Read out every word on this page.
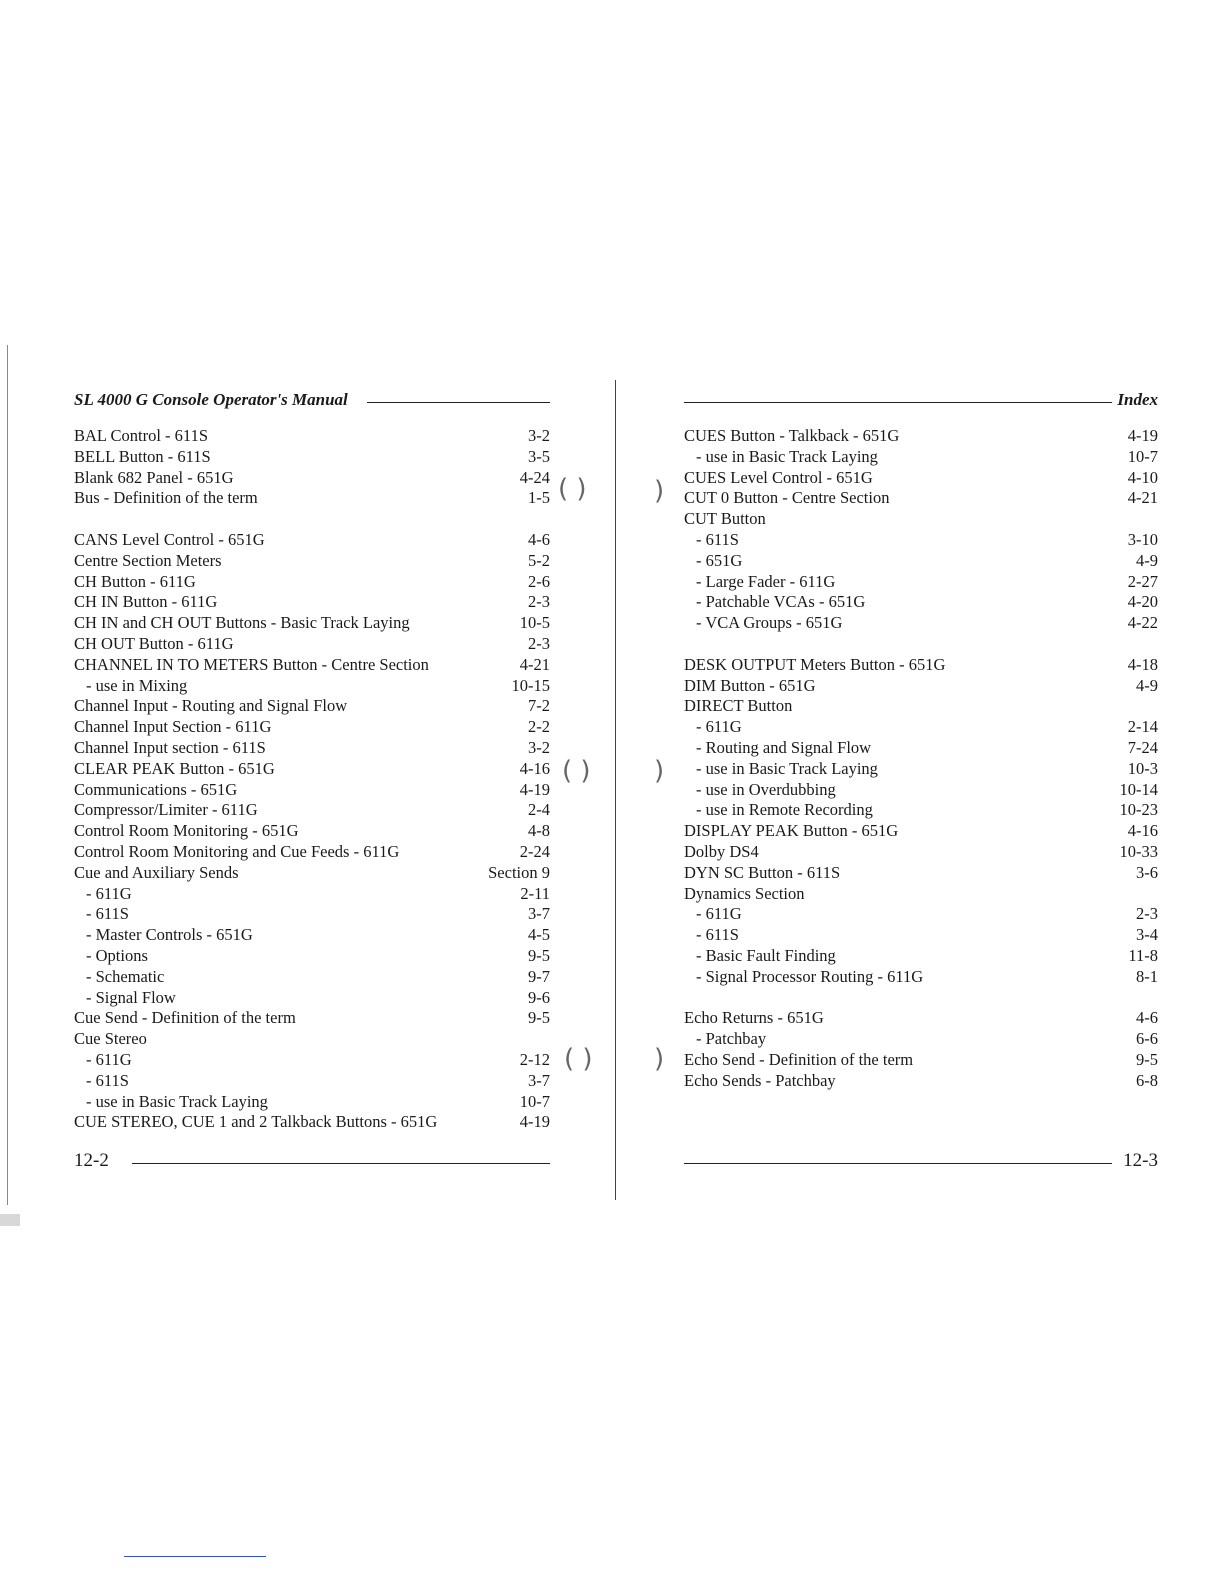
( )	)
( ) )
( ) )
SL 4000 G Console Operator's Manual
BAL Control - 611S	3-2
BELL Button - 611S	3-5
Blank 682 Panel - 651G	4-24
Bus - Definition of the term	1-5
CANS Level Control - 651G	4-6
Centre Section Meters	5-2
CH Button - 611G	2-6
CH IN Button - 611G	2-3
CH IN and CH OUT Buttons - Basic Track Laying	10-5
CH OUT Button - 611G	2-3
CHANNEL IN TO METERS Button - Centre Section	4-21
- use in Mixing	10-15
Channel Input - Routing and Signal Flow	7-2
Channel Input Section - 611G	2-2
Channel Input section - 611S	3-2
CLEAR PEAK Button - 651G	4-16
Communications - 651G	4-19
Compressor/Limiter - 611G	2-4
Control Room Monitoring - 651G	4-8
Control Room Monitoring and Cue Feeds - 611G	2-24
Cue and Auxiliary Sends	Section 9
- 611G	2-11
- 611S	3-7
- Master Controls - 651G	4-5
- Options	9-5
- Schematic	9-7
- Signal Flow	9-6
Cue Send - Definition of the term	9-5
Cue Stereo
- 611G	2-12
- 611S	3-7
- use in Basic Track Laying	10-7
CUE STEREO, CUE 1 and 2 Talkback Buttons - 651G	4-19
12-2
Index
CUES Button - Talkback - 651G	4-19
- use in Basic Track Laying	10-7
CUES Level Control - 651G	4-10
CUT 0 Button - Centre Section	4-21
CUT Button
- 611S	3-10
- 651G	4-9
- Large Fader - 611G	2-27
- Patchable VCAs - 651G	4-20
- VCA Groups - 651G	4-22
DESK OUTPUT Meters Button - 651G	4-18
DIM Button - 651G	4-9
DIRECT Button
- 611G	2-14
- Routing and Signal Flow	7-24
- use in Basic Track Laying	10-3
- use in Overdubbing	10-14
- use in Remote Recording	10-23
DISPLAY PEAK Button - 651G	4-16
Dolby DS4	10-33
DYN SC Button - 611S	3-6
Dynamics Section
- 611G	2-3
- 611S	3-4
- Basic Fault Finding	11-8
- Signal Processor Routing - 611G	8-1
Echo Returns - 651G	4-6
- Patchbay	6-6
Echo Send - Definition of the term	9-5
Echo Sends - Patchbay	6-8
12-3
